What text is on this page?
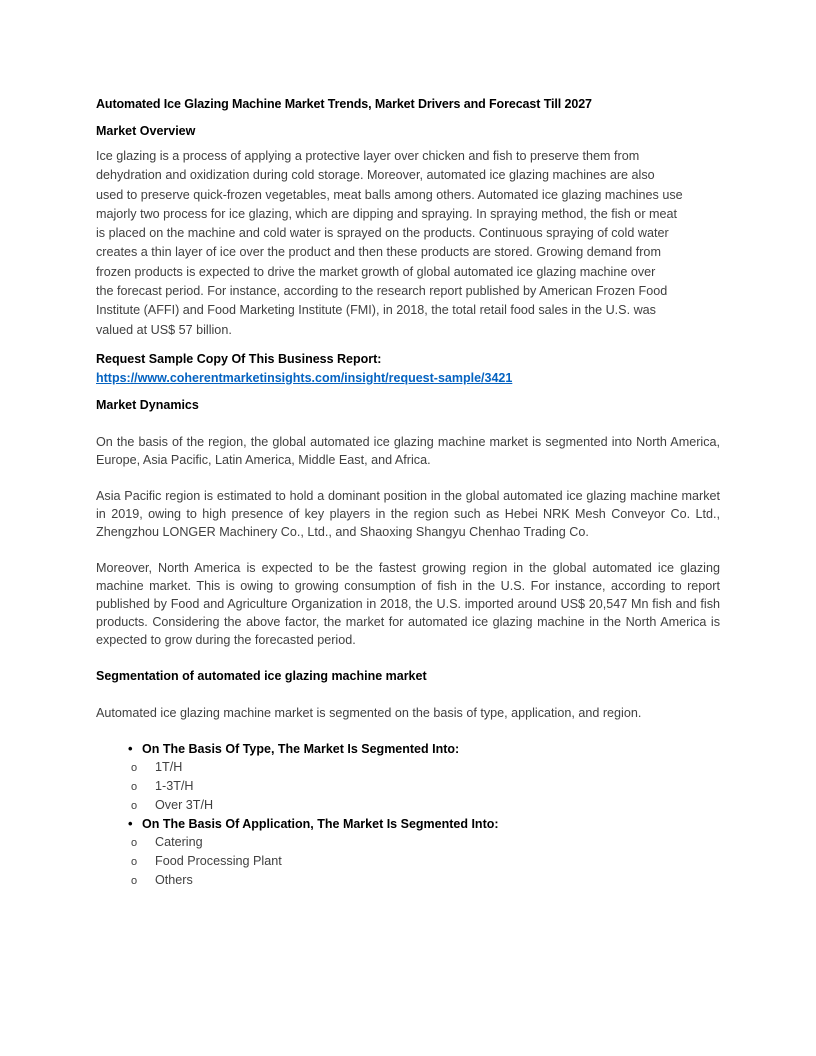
Automated Ice Glazing Machine Market Trends, Market Drivers and Forecast Till 2027
Market Overview

Ice glazing is a process of applying a protective layer over chicken and fish to preserve them from

dehydration and oxidization during cold storage. Moreover, automated ice glazing machines are also

used to preserve quick-frozen vegetables, meat balls among others. Automated ice glazing machines use

majorly two process for ice glazing, which are dipping and spraying. In spraying method, the fish or meat

is placed on the machine and cold water is sprayed on the products. Continuous spraying of cold water

creates a thin layer of ice over the product and then these products are stored. Growing demand from

frozen products is expected to drive the market growth of global automated ice glazing machine over

the forecast period. For instance, according to the research report published by American Frozen Food

Institute (AFFI) and Food Marketing Institute (FMI), in 2018, the total retail food sales in the U.S. was

valued at US$ 57 billion.

Request Sample Copy Of This Business Report:
https://www.coherentmarketinsights.com/insight/request-sample/3421
Market Dynamics

On the basis of the region, the global automated ice glazing machine market is segmented into North America, Europe, Asia Pacific, Latin America, Middle East, and Africa.

Asia Pacific region is estimated to hold a dominant position in the global automated ice glazing machine market in 2019, owing to high presence of key players in the region such as Hebei NRK Mesh Conveyor Co. Ltd., Zhengzhou LONGER Machinery Co., Ltd., and Shaoxing Shangyu Chenhao Trading Co.

Moreover, North America is expected to be the fastest growing region in the global automated ice glazing machine market. This is owing to growing consumption of fish in the U.S. For instance, according to report published by Food and Agriculture Organization in 2018, the U.S. imported around US$ 20,547 Mn fish and fish products. Considering the above factor, the market for automated ice glazing machine in the North America is expected to grow during the forecasted period.

Segmentation of automated ice glazing machine market

Automated ice glazing machine market is segmented on the basis of type, application, and region.

• On The Basis Of Type, The Market Is Segmented Into:
o	1T/H
o	1-3T/H
o	Over 3T/H
• On The Basis Of Application, The Market Is Segmented Into:
o	Catering
o	Food Processing Plant
o	Others
